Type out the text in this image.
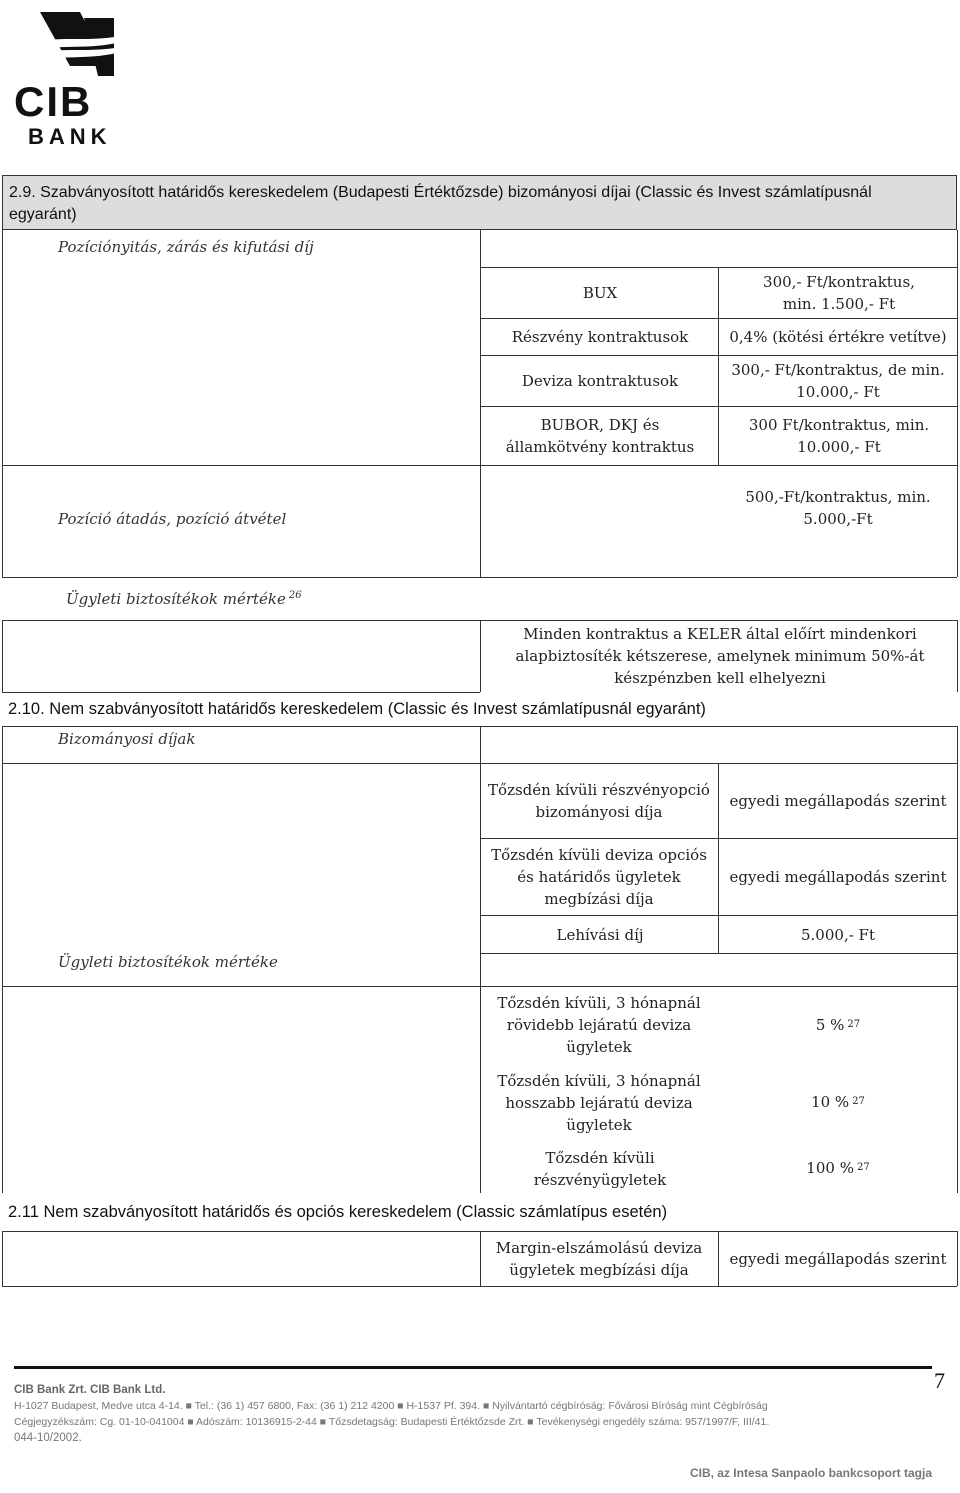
CIB
BANK
2.9. Szabványosított határidős kereskedelem (Budapesti Értéktőzsde) bizományosi díjai (Classic és Invest számlatípusnál egyaránt)
Pozíciónyitás, zárás és kifutási díj
BUX
300,- Ft/kontraktus, min. 1.500,- Ft
Részvény kontraktusok	0,4% (kötési értékre vetítve)
Deviza kontraktusok
300,- Ft/kontraktus, de min. 10.000,- Ft
BUBOR, DKJ és államkötvény kontraktus
300 Ft/kontraktus, min. 10.000,- Ft
Pozíció átadás, pozíció átvétel
500,-Ft/kontraktus, min. 5.000,-Ft
Ügyleti biztosítékok mértéke $^{26}$
Minden kontraktus a KELER által előírt mindenkori alapbiztosíték kétszerese, amelynek minimum 50%-át készpénzben kell elhelyezni
2.10. Nem szabványosított határidős kereskedelem (Classic és Invest számlatípusnál egyaránt)
Bizományosi díjak
Tőzsdén kívüli részvényopció bizományosi díja
egyedi megállapodás szerint
Tőzsdén kívüli deviza opciós és határidős ügyletek megbízási díja
egyedi megállapodás szerint
Lehívási díj	5.000,- Ft
Ügyleti biztosítékok mértéke
Tőzsdén kívüli, 3 hónapnál rövidebb lejáratú deviza ügyletek
5 % 27
Tőzsdén kívüli, 3 hónapnál hosszabb lejáratú deviza ügyletek
10 % 27
Tőzsdén kívüli részvényügyletek
100 % 27
2.11 Nem szabványosított határidős és opciós kereskedelem (Classic számlatípus esetén)
Margin-elszámolású deviza ügyletek megbízási díja
egyedi megállapodás szerint
7
CIB Bank Zrt. CIB Bank Ltd.
H-1027 Budapest, Medve utca 4-14. ■ Tel.: (36 1) 457 6800, Fax: (36 1) 212 4200 ■ H-1537 Pf. 394. ■ Nyilvántartó cégbíróság: Fővárosi Bíróság mint Cégbíróság
Cégjegyzékszám: Cg. 01-10-041004 ■ Adószám: 10136915-2-44 ■ Tőzsdetagság: Budapesti Értéktőzsde Zrt. ■ Tevékenységi engedély száma: 957/1997/F, III/41.
044-10/2002.
CIB, az Intesa Sanpaolo bankcsoport tagja
